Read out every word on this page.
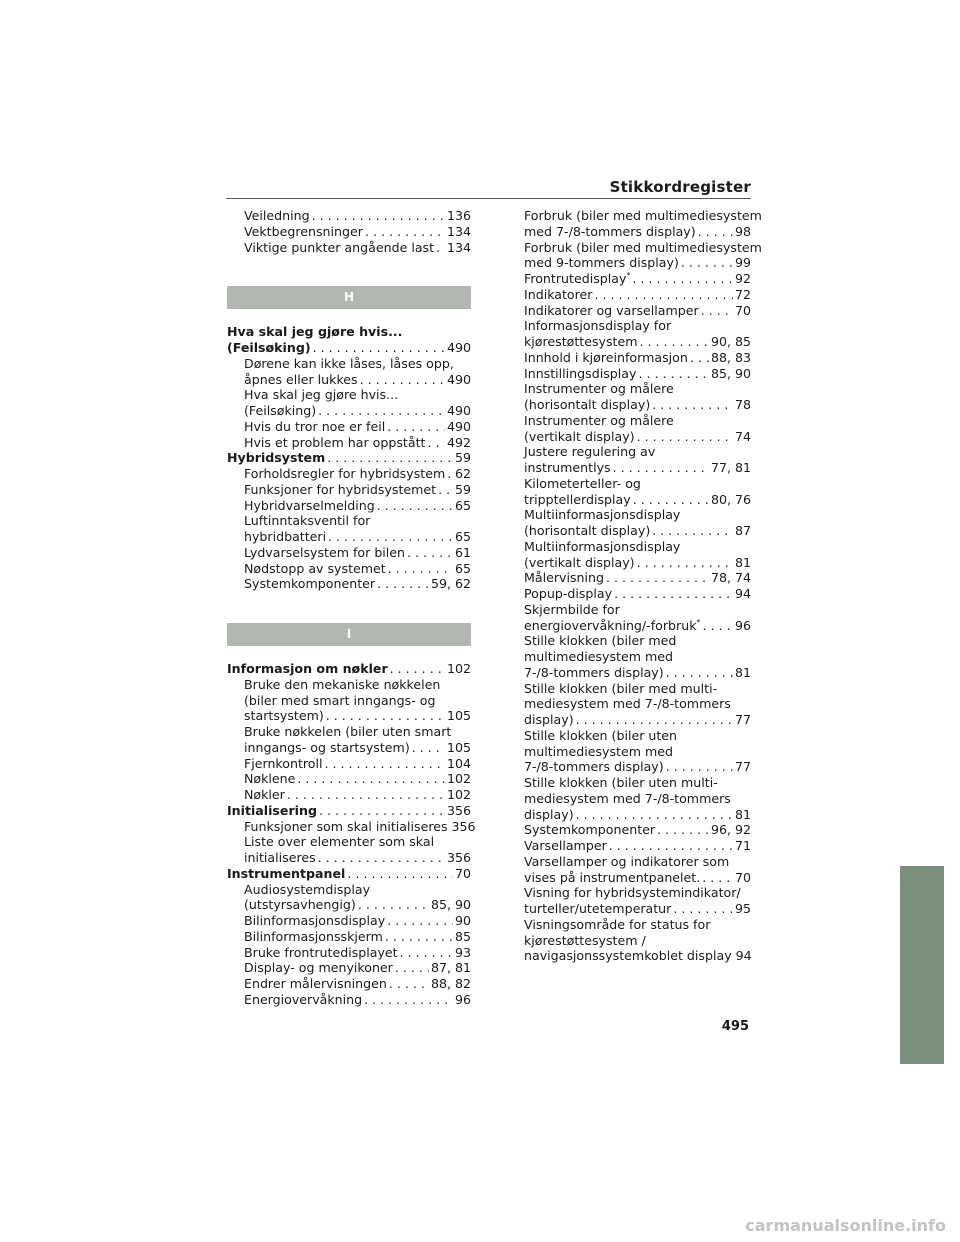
Stikkordregister
Veiledning . . .	136
Vektbegrensninger . . .	134
Viktige punkter angående last . . . 134
H
Hva skal jeg gjøre hvis...
(Feilsøking) . . .	490
Dørene kan ikke låses, låses opp,
åpnes eller lukkes . . .	490
Hva skal jeg gjøre hvis...
(Feilsøking) . . .	490
Hvis du tror noe er feil . . .	490
Hvis et problem har oppstått . . . 492
Hybridsystem . . .	59
Forholdsregler for hybridsystem . . . 62
Funksjoner for hybridsystemet . . . 59
Hybridvarselmelding . . .	65
Luftinntaksventil for
hybridbatteri . . .	65
Lydvarselsystem for bilen . . .	61
Nødstopp av systemet . . .	65
Systemkomponenter . . .	59, 62
I
Informasjon om nøkler . . .	102
Bruke den mekaniske nøkkelen
(biler med smart inngangs- og
startsystem) . . .	105
Bruke nøkkelen (biler uten smart
inngangs- og startsystem) . . .	105
Fjernkontroll . . .	104
Nøklene . . .	102
Nøkler . . .	102
Initialisering . . .	356
Funksjoner som skal initialiseres 356
Liste over elementer som skal
initialiseres . . .	356
Instrumentpanel . . .	70
Audiosystemdisplay
(utstyrsavhengig) . . .	85, 90
Bilinformasjonsdisplay . . .	90
Bilinformasjonsskjerm . . .	85
Bruke frontrutedisplayet . . .	93
Display- og menyikoner . . .	87, 81
Endrer målervisningen . . .	88, 82
Energiovervåkning . . .	96
Forbruk (biler med multimediesystem
med 7-/8-tommers display) . . .	98
Forbruk (biler med multimediesystem
med 9-tommers display) . . .	99
Frontrutedisplay* . . .	92
Indikatorer . . .	72
Indikatorer og varsellamper . . .	70
Informasjonsdisplay for
kjørestøttesystem . . .	90, 85
Innhold i kjøreinformasjon . . . 88, 83
Innstillingsdisplay . . .	85, 90
Instrumenter og målere
(horisontalt display) . . .	78
Instrumenter og målere
(vertikalt display) . . .	74
Justere regulering av
instrumentlys . . .	77, 81
Kilometerteller- og
tripptellerdisplay . . .	80, 76
Multiinformasjonsdisplay
(horisontalt display) . . .	87
Multiinformasjonsdisplay
(vertikalt display) . . .	81
Målervisning . . .	78, 74
Popup-display . . .	94
Skjermbilde for
energiovervåkning/-forbruk* . . .	96
Stille klokken (biler med
multimediesystem med
7-/8-tommers display) . . .	81
Stille klokken (biler med multi-
mediesystem med 7-/8-tommers
display) . . .	77
Stille klokken (biler uten
multimediesystem med
7-/8-tommers display) . . .	77
Stille klokken (biler uten multi-
mediesystem med 7-/8-tommers
display) . . .	81
Systemkomponenter . . .	96, 92
Varsellamper . . .	71
Varsellamper og indikatorer som
vises på instrumentpanelet. . . .	70
Visning for hybridsystemindikator/
turteller/utetemperatur . . .	95
Visningsområde for status for
kjørestøttesystem /
navigasjonssystemkoblet display 94
495
carmanualsonline.info
